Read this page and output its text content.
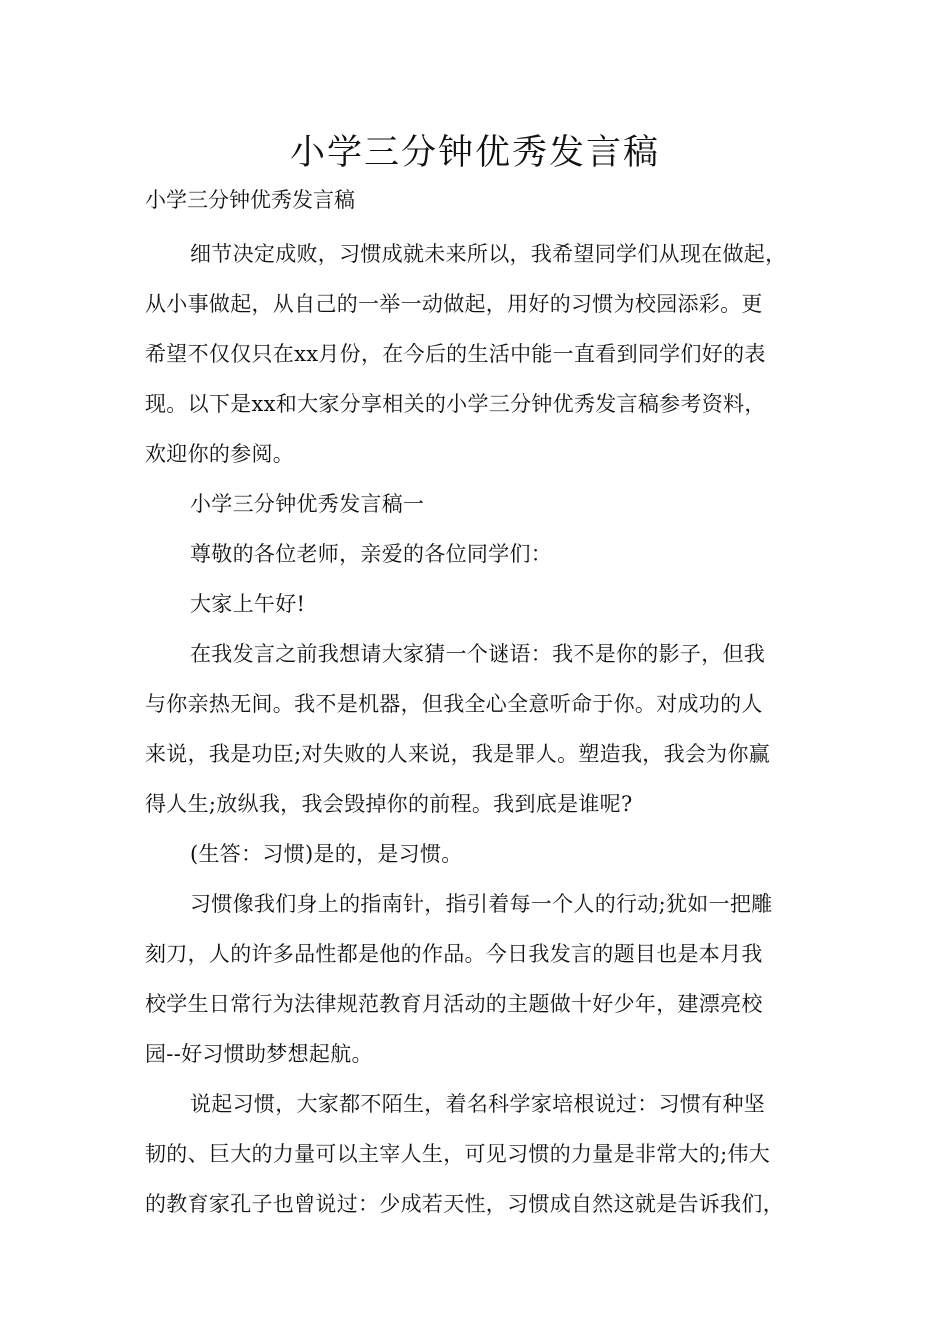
小学三分钟优秀发言稿

小学三分钟优秀发言稿

细节决定成败，习惯成就未来所以，我希望同学们从现在做起，
从小事做起，从自己的一举一动做起，用好的习惯为校园添彩。更
希望不仅仅只在xx月份，在今后的生活中能一直看到同学们好的表
现。以下是xx和大家分享相关的小学三分钟优秀发言稿参考资料，
欢迎你的参阅。

小学三分钟优秀发言稿一

尊敬的各位老师，亲爱的各位同学们：

大家上午好!

在我发言之前我想请大家猜一个谜语：我不是你的影子，但我
与你亲热无间。我不是机器，但我全心全意听命于你。对成功的人
来说，我是功臣;对失败的人来说，我是罪人。塑造我，我会为你赢
得人生;放纵我，我会毁掉你的前程。我到底是谁呢?

(生答：习惯)是的，是习惯。

习惯像我们身上的指南针，指引着每一个人的行动;犹如一把雕
刻刀，人的许多品性都是他的作品。今日我发言的题目也是本月我
校学生日常行为法律规范教育月活动的主题做十好少年，建漂亮校
园--好习惯助梦想起航。

说起习惯，大家都不陌生，着名科学家培根说过：习惯有种坚
韧的、巨大的力量可以主宰人生，可见习惯的力量是非常大的;伟大
的教育家孔子也曾说过：少成若天性，习惯成自然这就是告诉我们，
